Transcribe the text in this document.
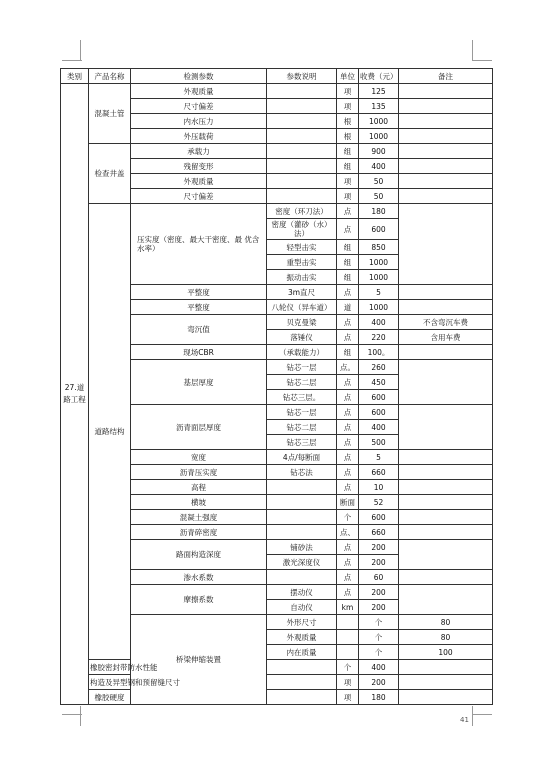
类别	产品名称	检测参数	参数说明	单位	收费（元）	备注	
27.道路工程	混凝土管	外观质量		项	125		
		尺寸偏差		项	135		
		内水压力		根	1000		
		外压载荷		根	1000		
	检查井盖	承载力		组	900		
		残留变形		组	400		
		外观质量		项	50		
		尺寸偏差		项	50		
	道路结构	压实度（密度、最大干密度、最 优含水率）	密度（环刀法）	点	180		
			密度（灌砂（水）法）	点	600		
			轻型击实	组	850		
			重型击实	组	1000		
			振动击实	组	1000		
		平整度	3m直尺	点	5		
		平整度	八轮仪（异车道）	道	1000		
		弯沉值	贝克曼梁	点	400	不含弯沉车费	
			落锤仪	点	220	含用车费	
		现场CBR	（承载能力）	组	100。		
		基层厚度	钻芯一层	点。	260		
			钻芯二层	点	450		
			钻芯三层。	点	600		
		沥青面层厚度	钻芯一层	点	600		
			钻芯二层	点	400		
			钻芯三层	点	500		
		宽度	4点/每断面	点	5		
		沥青压实度	钻芯法	点	660		
		高程		点	10		
		横坡		断面	52		
		混凝土强度		个	600		
		沥青碎密度		点、	660		
		路面构造深度	铺砂法	点	200		
			激光深度仪	点	200		
		渗水系数		点	60		
		摩擦系数	摆动仪	点	200		
			自动仪	km	200		
		桥梁伸缩装置	外形尺寸		个	80	
			外观质量		个	80	
			内在质量		个	100	
	橡胶密封带防水性能			个	400		
	构造及异型钢和预留缝尺寸			项	200		
	橡胶硬度			项	180		
41
